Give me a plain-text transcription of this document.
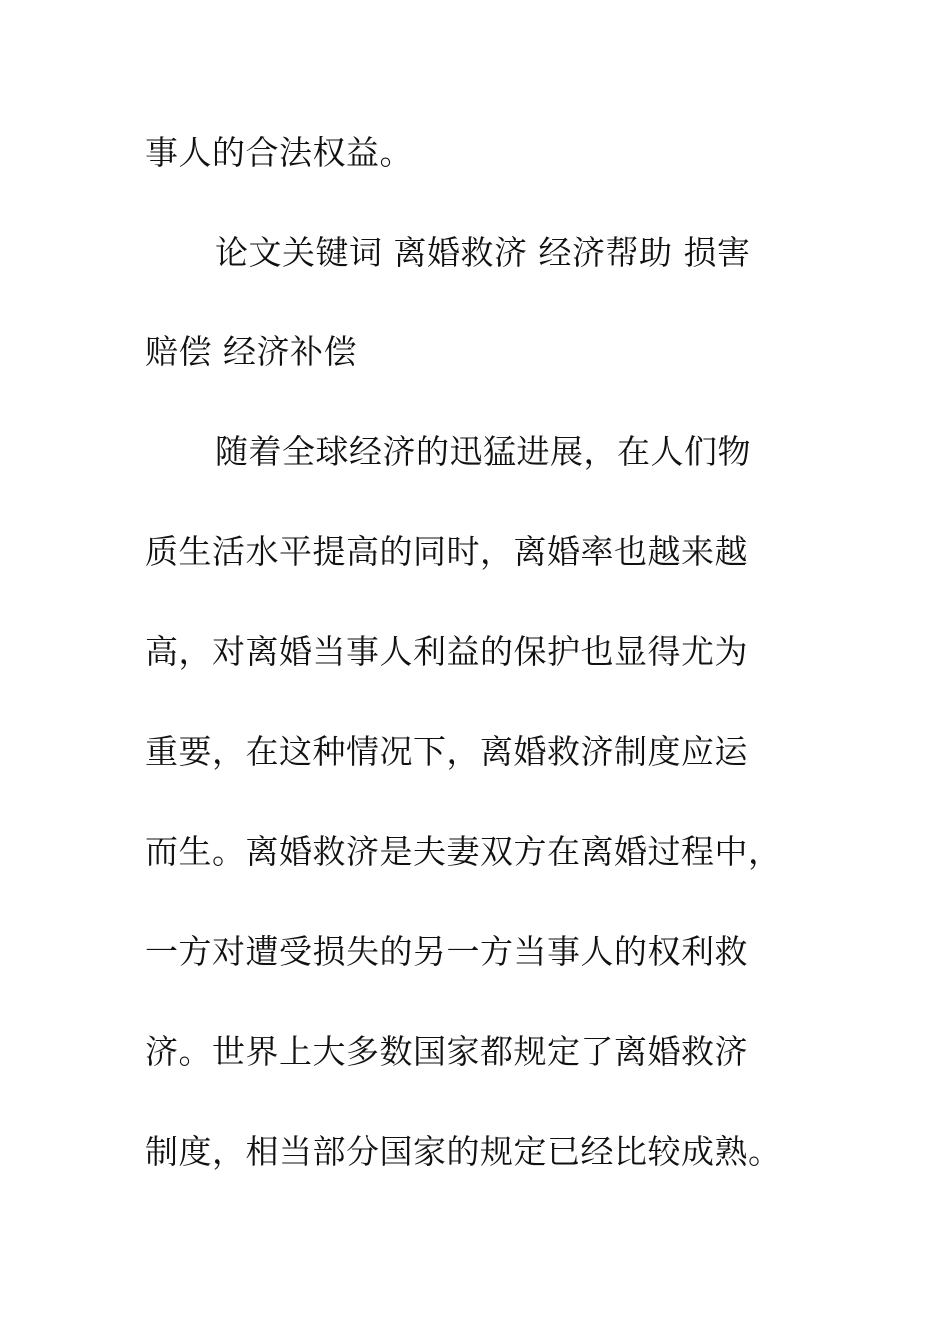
事人的合法权益。
论文关键词 离婚救济 经济帮助 损害
赔偿 经济补偿
随着全球经济的迅猛进展，在人们物
质生活水平提高的同时，离婚率也越来越
高，对离婚当事人利益的保护也显得尤为
重要，在这种情况下，离婚救济制度应运
而生。离婚救济是夫妻双方在离婚过程中，
一方对遭受损失的另一方当事人的权利救
济。世界上大多数国家都规定了离婚救济
制度，相当部分国家的规定已经比较成熟。
